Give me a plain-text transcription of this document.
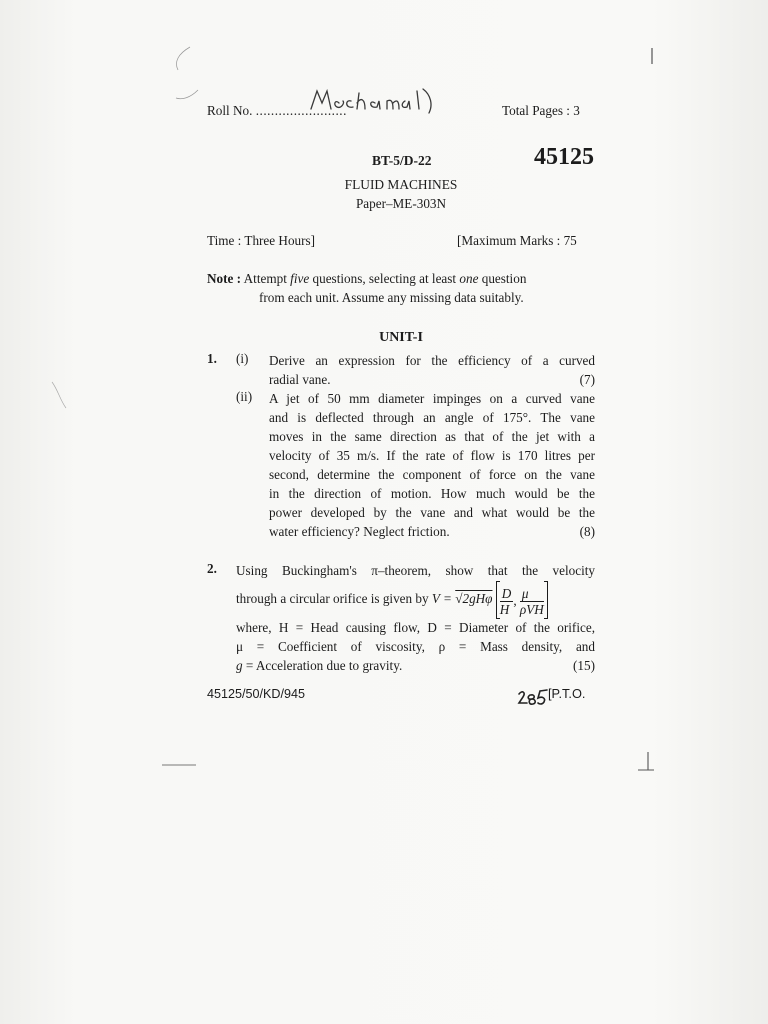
Roll No. ........................	Total Pages : 3
BT-5/D-22	45125
FLUID MACHINES
Paper–ME-303N
Time : Three Hours]	[Maximum Marks : 75
Note : Attempt five questions, selecting at least one question
from each unit. Assume any missing data suitably.
UNIT-I
1. (i) Derive an expression for the efficiency of a curved
radial vane.	(7)
(ii) A jet of 50 mm diameter impinges on a curved vane
and is deflected through an angle of 175°. The vane
moves in the same direction as that of the jet with a
velocity of 35 m/s. If the rate of flow is 170 litres per
second, determine the component of force on the vane
in the direction of motion. How much would be the
power developed by the vane and what would be the
water efficiency? Neglect friction.	(8)
2. Using Buckingham's π–theorem, show that the velocity
through a circular orifice is given by $V = √2gH\varphi \frac{D}{H}$ , $\frac{\mu}{\text{ρVH}}$
where, H = Head causing flow, D = Diameter of the orifice,
μ = Coefficient of viscosity, ρ = Mass density, and
g = Acceleration due to gravity.	(15)
45125/50/KD/945	[P.T.O.
